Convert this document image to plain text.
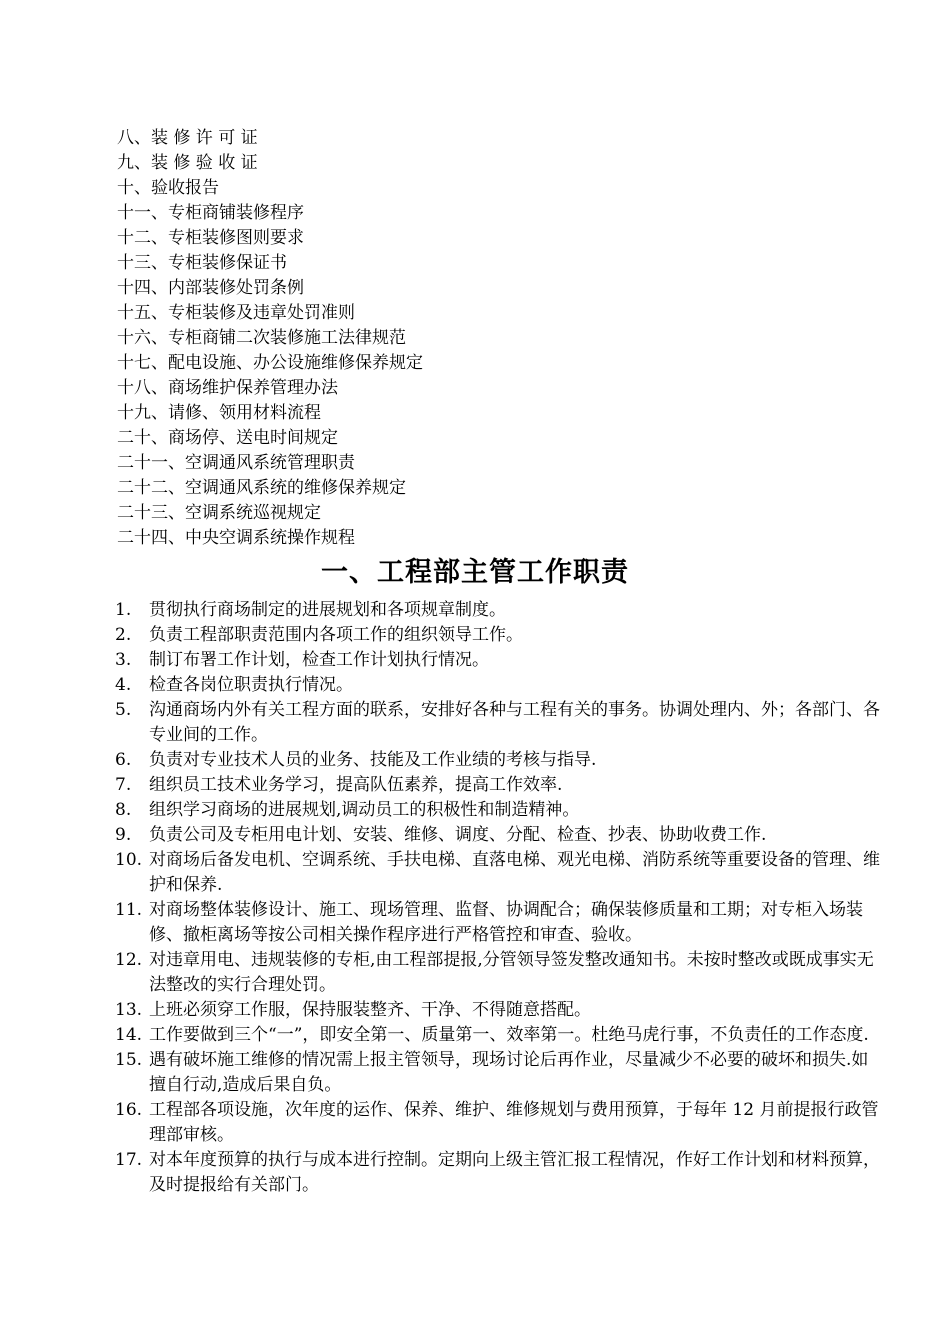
八、装 修 许 可 证
九、装 修 验 收 证
十、验收报告
十一、专柜商铺装修程序
十二、专柜装修图则要求
十三、专柜装修保证书
十四、内部装修处罚条例
十五、专柜装修及违章处罚准则
十六、专柜商铺二次装修施工法律规范
十七、配电设施、办公设施维修保养规定
十八、商场维护保养管理办法
十九、请修、领用材料流程
二十、商场停、送电时间规定
二十一、空调通风系统管理职责
二十二、空调通风系统的维修保养规定
二十三、空调系统巡视规定
二十四、中央空调系统操作规程
一、工程部主管工作职责
1.	贯彻执行商场制定的进展规划和各项规章制度。
2.	负责工程部职责范围内各项工作的组织领导工作。
3.	制订布署工作计划，检查工作计划执行情况。
4.	检查各岗位职责执行情况。
5.	沟通商场内外有关工程方面的联系，安排好各种与工程有关的事务。协调处理内、外；各部门、各专业间的工作。
6.	负责对专业技术人员的业务、技能及工作业绩的考核与指导.
7.	组织员工技术业务学习，提高队伍素养，提高工作效率.
8.	组织学习商场的进展规划,调动员工的积极性和制造精神。
9.	负责公司及专柜用电计划、安装、维修、调度、分配、检查、抄表、协助收费工作.
10. 对商场后备发电机、空调系统、手扶电梯、直落电梯、观光电梯、消防系统等重要设备的管理、维护和保养.
11. 对商场整体装修设计、施工、现场管理、监督、协调配合；确保装修质量和工期；对专柜入场装修、撤柜离场等按公司相关操作程序进行严格管控和审查、验收。
12. 对违章用电、违规装修的专柜,由工程部提报,分管领导签发整改通知书。未按时整改或既成事实无法整改的实行合理处罚。
13. 上班必须穿工作服，保持服装整齐、干净、不得随意搭配。
14. 工作要做到三个“一”，即安全第一、质量第一、效率第一。杜绝马虎行事，不负责任的工作态度.
15. 遇有破坏施工维修的情况需上报主管领导，现场讨论后再作业，尽量减少不必要的破坏和损失.如擅自行动,造成后果自负。
16. 工程部各项设施，次年度的运作、保养、维护、维修规划与费用预算，于每年 12 月前提报行政管理部审核。
17. 对本年度预算的执行与成本进行控制。定期向上级主管汇报工程情况，作好工作计划和材料预算，及时提报给有关部门。
